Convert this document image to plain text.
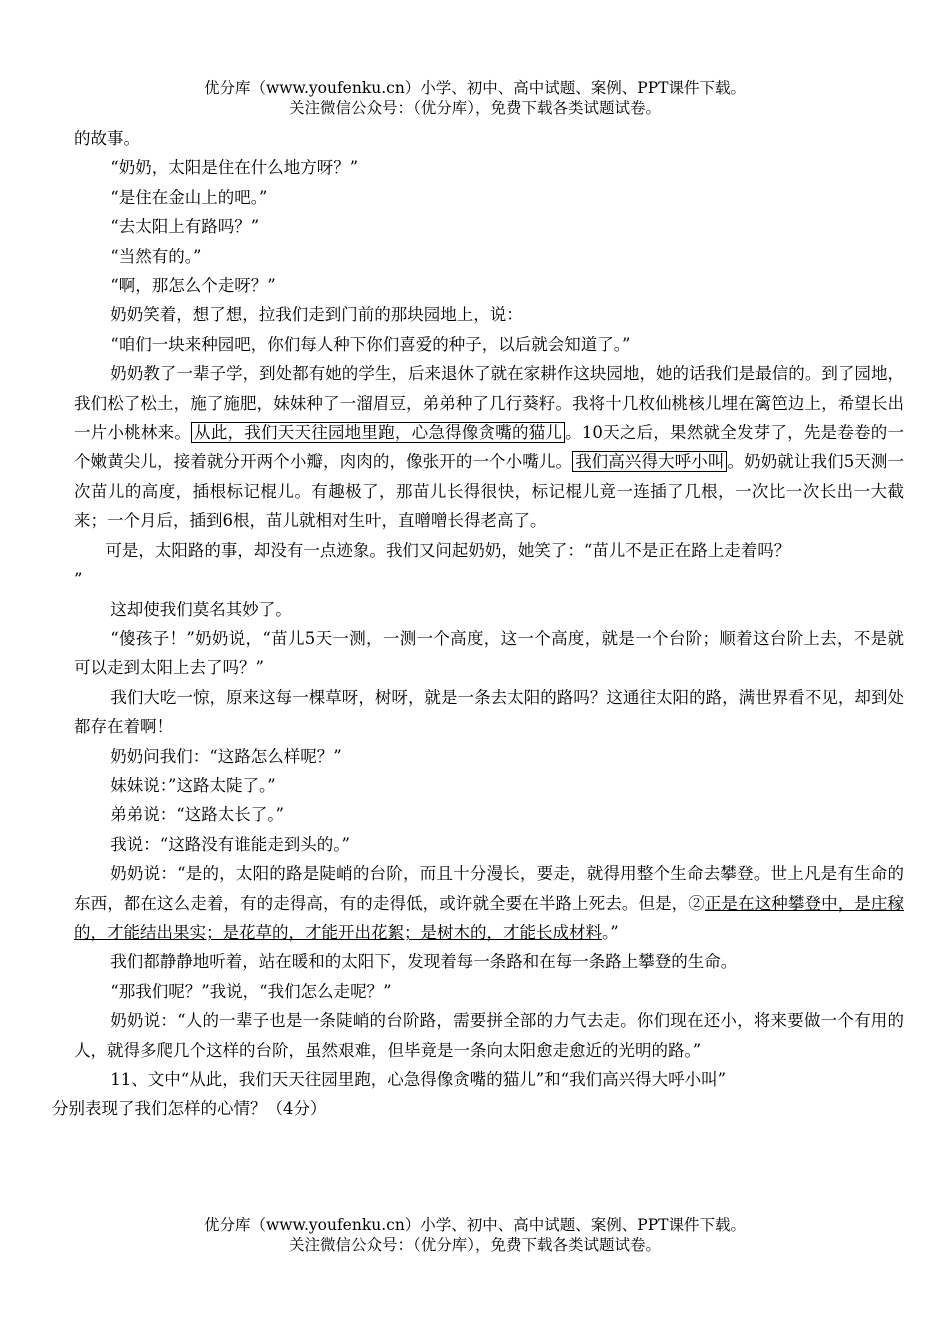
优分库（www.youfenku.cn）小学、初中、高中试题、案例、PPT课件下载。
关注微信公众号：（优分库），免费下载各类试题试卷。

的故事。

“奶奶，太阳是住在什么地方呀？”

“是住在金山上的吧。”

“去太阳上有路吗？”

“当然有的。”

“啊，那怎么个走呀？”

奶奶笑着，想了想，拉我们走到门前的那块园地上，说：

“咱们一块来种园吧，你们每人种下你们喜爱的种子，以后就会知道了。”

奶奶教了一辈子学，到处都有她的学生，后来退休了就在家耕作这块园地，她的话我们是最信的。到了园地，我们松了松土，施了施肥，妹妹种了一溜眉豆，弟弟种了几行葵籽。我将十几枚仙桃核儿埋在篱笆边上，希望长出一片小桃林来。 从此，我们天天往园地里跑，心急得像贪嘴的猫儿 。10天之后，果然就全发芽了，先是卷卷的一个嫩黄尖儿，接着就分开两个小瓣，肉肉的，像张开的一个小嘴儿。 我们高兴得大呼小叫 。奶奶就让我们5天测一次苗儿的高度，插根标记棍儿。有趣极了，那苗儿长得很快，标记棍儿竟一连插了几根，一次比一次长出一大截来；一个月后，插到6根，苗儿就相对生叶，直噌噌长得老高了。

可是，太阳路的事，却没有一点迹象。我们又问起奶奶，她笑了：“苗儿不是正在路上走着吗？

”

这却使我们莫名其妙了。

“傻孩子！”奶奶说，“苗儿5天一测，一测一个高度，这一个高度，就是一个台阶；顺着这台阶上去，不是就可以走到太阳上去了吗？”

我们大吃一惊，原来这每一棵草呀，树呀，就是一条去太阳的路吗？这通往太阳的路，满世界看不见，却到处都存在着啊！

奶奶问我们：“这路怎么样呢？”

妹妹说：”这路太陡了。”

弟弟说：“这路太长了。”

我说：“这路没有谁能走到头的。”

奶奶说：“是的，太阳的路是陡峭的台阶，而且十分漫长，要走，就得用整个生命去攀登。世上凡是有生命的东西，都在这么走着，有的走得高，有的走得低，或许就全要在半路上死去。但是，②正是在这种攀登中，是庄稼的，才能结出果实；是花草的，才能开出花絮；是树木的，才能长成材料。”

我们都静静地听着，站在暖和的太阳下，发现着每一条路和在每一条路上攀登的生命。

“那我们呢？”我说，“我们怎么走呢？”

奶奶说：“人的一辈子也是一条陡峭的台阶路，需要拼全部的力气去走。你们现在还小，将来要做一个有用的人，就得多爬几个这样的台阶，虽然艰难，但毕竟是一条向太阳愈走愈近的光明的路。”

11、文中“从此，我们天天往园里跑，心急得像贪嘴的猫儿”和“我们高兴得大呼小叫”

分别表现了我们怎样的心情？（4分）

优分库（www.youfenku.cn）小学、初中、高中试题、案例、PPT课件下载。
关注微信公众号：（优分库），免费下载各类试题试卷。
